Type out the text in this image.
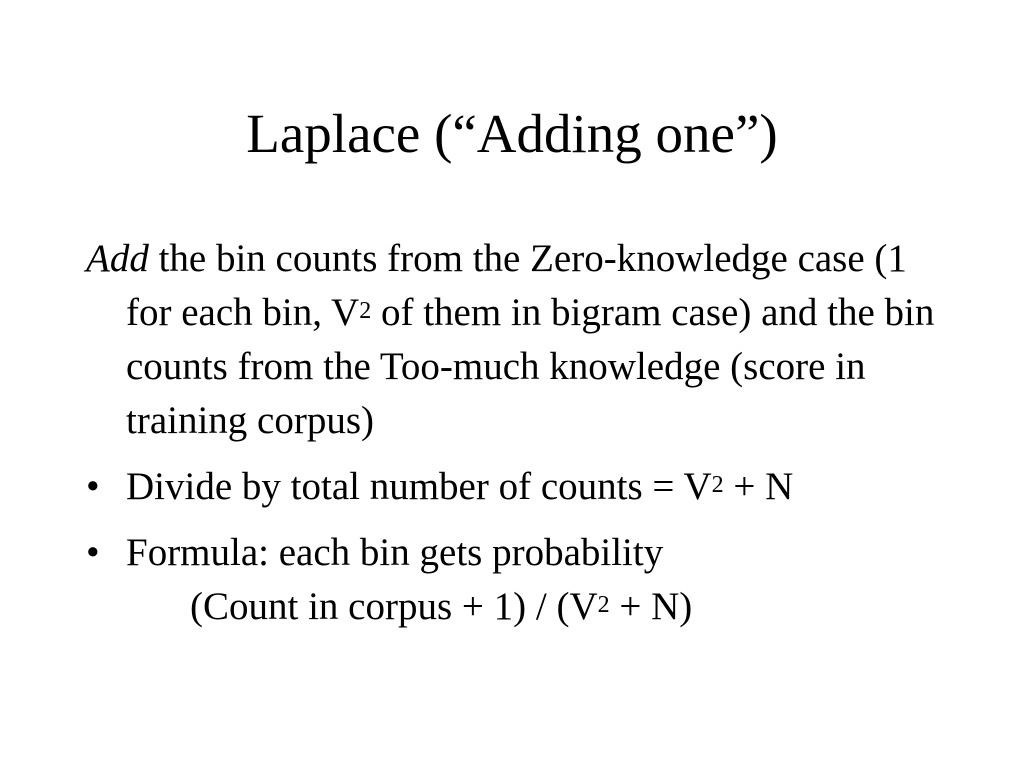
Laplace (“Adding one”)

Add the bin counts from the Zero-knowledge case (1 for each bin, $V^2$ of them in bigram case) and the bin counts from the Too-much knowledge (score in training corpus)

• Divide by total number of counts = $V^2 + N$
• Formula: each bin gets probability
(Count in corpus + $1) / (V^2 + N)$
